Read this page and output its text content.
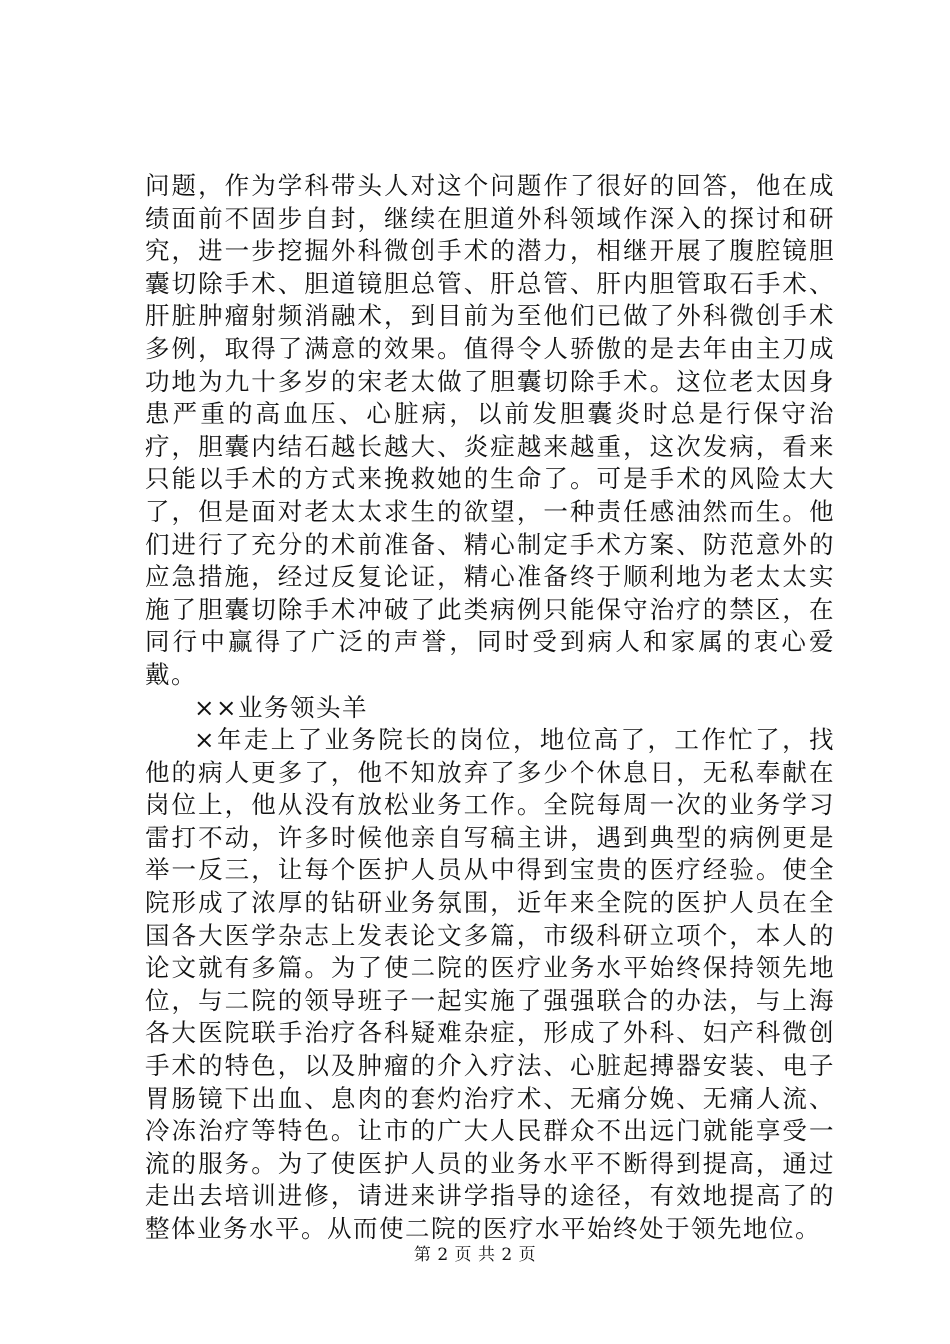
问题，作为学科带头人对这个问题作了很好的回答，他在成绩面前不固步自封，继续在胆道外科领域作深入的探讨和研究，进一步挖掘外科微创手术的潜力，相继开展了腹腔镜胆囊切除手术、胆道镜胆总管、肝总管、肝内胆管取石手术、肝脏肿瘤射频消融术，到目前为至他们已做了外科微创手术多例，取得了满意的效果。值得令人骄傲的是去年由主刀成功地为九十多岁的宋老太做了胆囊切除手术。这位老太因身患严重的高血压、心脏病，以前发胆囊炎时总是行保守治疗，胆囊内结石越长越大、炎症越来越重，这次发病，看来只能以手术的方式来挽救她的生命了。可是手术的风险太大了，但是面对老太太求生的欲望，一种责任感油然而生。他们进行了充分的术前准备、精心制定手术方案、防范意外的应急措施，经过反复论证，精心准备终于顺利地为老太太实施了胆囊切除手术冲破了此类病例只能保守治疗的禁区，在同行中赢得了广泛的声誉，同时受到病人和家属的衷心爱戴。

××业务领头羊

×年走上了业务院长的岗位，地位高了，工作忙了，找他的病人更多了，他不知放弃了多少个休息日，无私奉献在岗位上，他从没有放松业务工作。全院每周一次的业务学习雷打不动，许多时候他亲自写稿主讲，遇到典型的病例更是举一反三，让每个医护人员从中得到宝贵的医疗经验。使全院形成了浓厚的钻研业务氛围，近年来全院的医护人员在全国各大医学杂志上发表论文多篇，市级科研立项个，本人的论文就有多篇。为了使二院的医疗业务水平始终保持领先地位，与二院的领导班子一起实施了强强联合的办法，与上海各大医院联手治疗各科疑难杂症，形成了外科、妇产科微创手术的特色，以及肿瘤的介入疗法、心脏起搏器安装、电子胃肠镜下出血、息肉的套灼治疗术、无痛分娩、无痛人流、冷冻治疗等特色。让市的广大人民群众不出远门就能享受一流的服务。为了使医护人员的业务水平不断得到提高，通过走出去培训进修，请进来讲学指导的途径，有效地提高了的整体业务水平。从而使二院的医疗水平始终处于领先地位。

第 2 页 共 2 页
